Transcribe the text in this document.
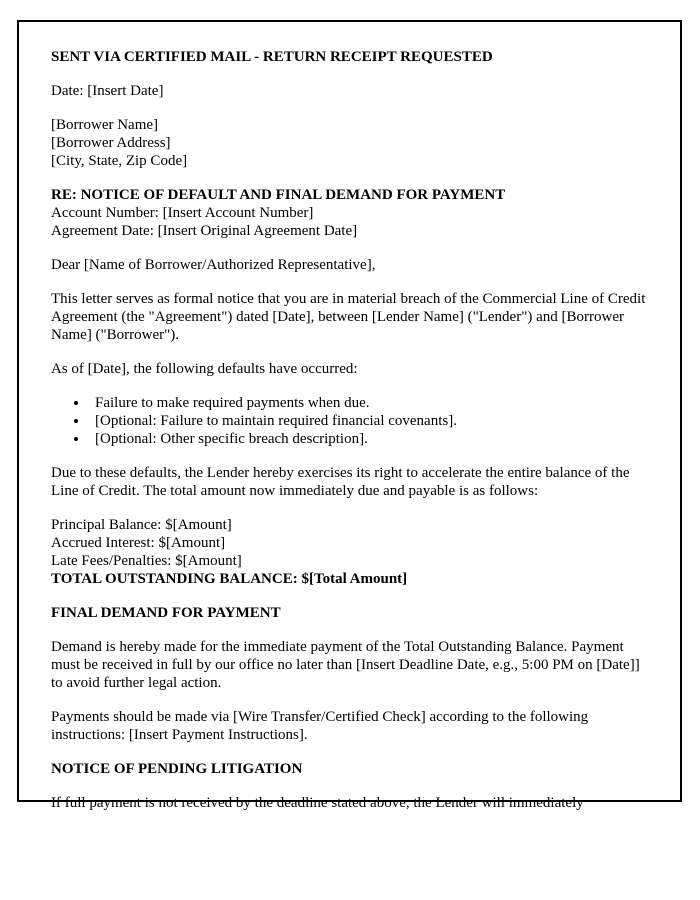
SENT VIA CERTIFIED MAIL - RETURN RECEIPT REQUESTED

Date: [Insert Date]

[Borrower Name]

[Borrower Address]

[City, State, Zip Code]

RE: NOTICE OF DEFAULT AND FINAL DEMAND FOR PAYMENT

Account Number: [Insert Account Number]

Agreement Date: [Insert Original Agreement Date]

Dear [Name of Borrower/Authorized Representative],

This letter serves as formal notice that you are in material breach of the Commercial Line of Credit Agreement (the "Agreement") dated [Date], between [Lender Name] ("Lender") and [Borrower Name] ("Borrower").

As of [Date], the following defaults have occurred:

• Failure to make required payments when due.
• [Optional: Failure to maintain required financial covenants].
• [Optional: Other specific breach description].

Due to these defaults, the Lender hereby exercises its right to accelerate the entire balance of the Line of Credit. The total amount now immediately due and payable is as follows:

Principal Balance: $[Amount]

Accrued Interest: $[Amount]

Late Fees/Penalties: $[Amount]

TOTAL OUTSTANDING BALANCE: $[Total Amount]

FINAL DEMAND FOR PAYMENT

Demand is hereby made for the immediate payment of the Total Outstanding Balance. Payment must be received in full by our office no later than [Insert Deadline Date, e.g., 5:00 PM on [Date]] to avoid further legal action.

Payments should be made via [Wire Transfer/Certified Check] according to the following instructions: [Insert Payment Instructions].

NOTICE OF PENDING LITIGATION

If full payment is not received by the deadline stated above, the Lender will immediately
